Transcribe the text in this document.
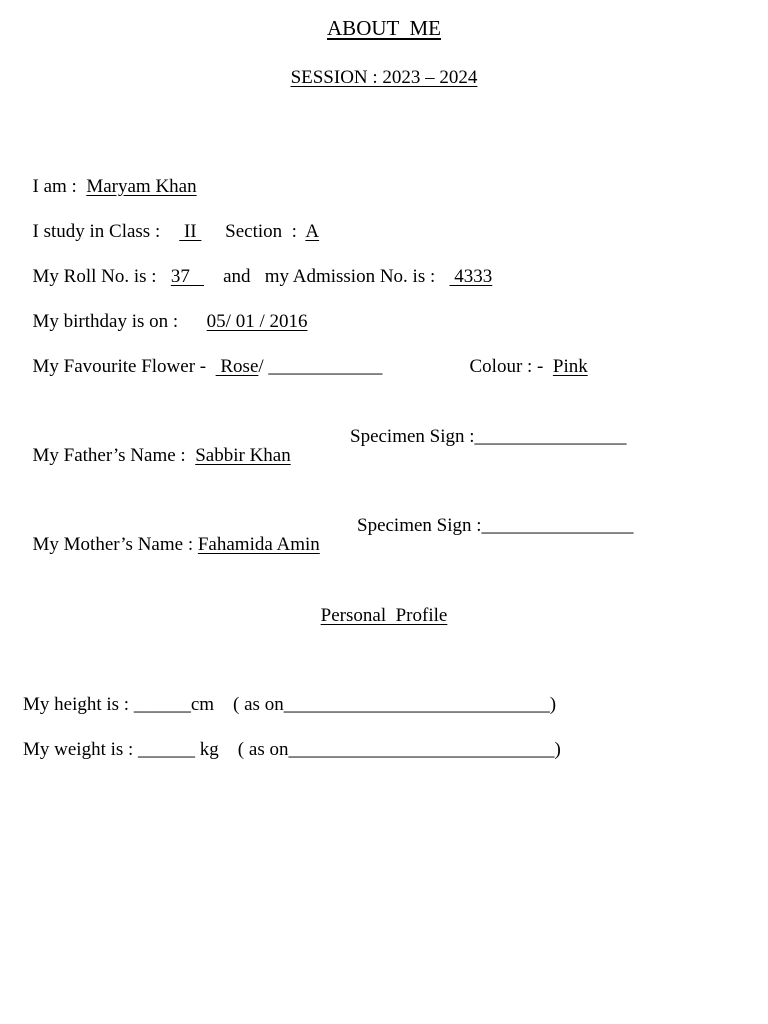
ABOUT  ME
SESSION : 2023 – 2024

I am :  Maryam Khan

I study in Class :     II      Section  :  A

My Roll No. is :   37       and   my Admission No. is :    4333

My birthday is on :      05/ 01 / 2016

My Favourite Flower -   Rose/ ____________	Colour : -  Pink

My Father’s Name :  Sabbir Khan

Specimen Sign :________________

My Mother’s Name : Fahamida Amin

Specimen Sign :________________
Personal  Profile
My height is : ______cm    ( as on____________________________)
My weight is : ______ kg    ( as on____________________________)
